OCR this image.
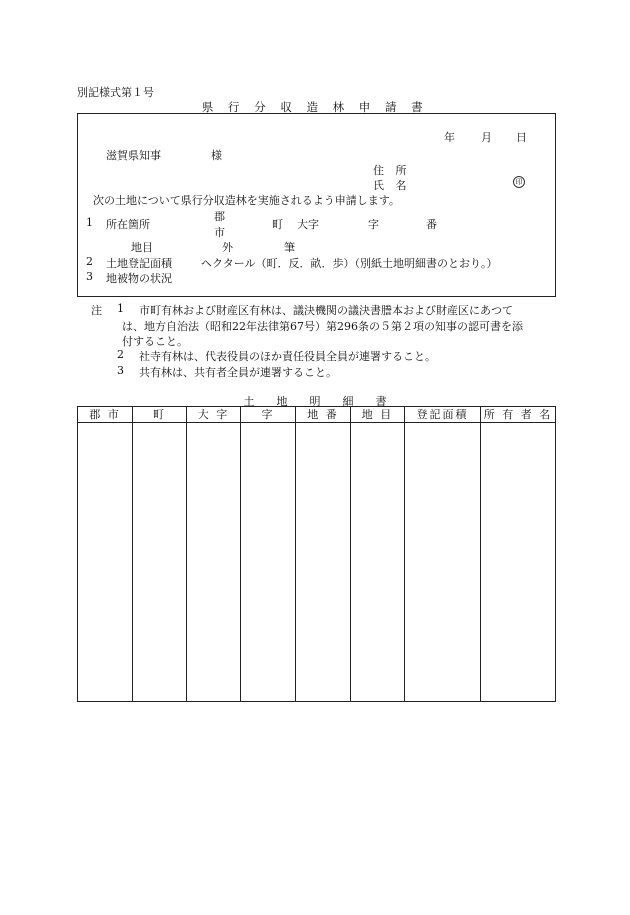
別記様式第１号
県 行 分 収 造 林 申 請 書
年 月 日
滋賀県知事	様
住 所
氏 名	印
次の土地について県行分収造林を実施されるよう申請します。
1 所在箇所
郡
市
町 大字	字	番
地目	外	筆
2 土地登記面積	ヘクタール（町．反．畝．歩）（別紙土地明細書のとおり。）
3 地被物の状況
注 1 市町有林および財産区有林は、議決機関の議決書謄本および財産区にあつて
は、地方自治法（昭和22年法律第67号）第296条の５第２項の知事の認可書を添
付すること。
2 社寺有林は、代表役員のほか責任役員全員が連署すること。
3 共有林は、共有者全員が連署すること。
土地明細書
郡 市	町	大 字	字	地 番	地 目	登記面積	所 有 者 名
